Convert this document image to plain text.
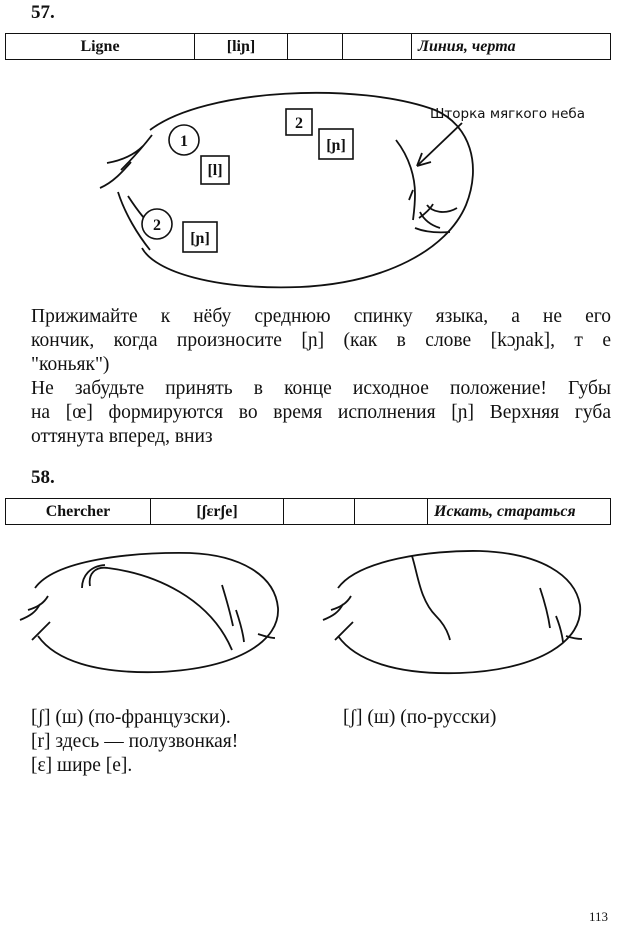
57.
Ligne	[liɲ]			Линия, черта
1
2
2
[l]
[ɲ]
[ɲ]
Шторка мягкого неба
Прижимайте к нёбу среднюю спинку языка, а не его
кончик, когда произносите [ɲ] (как в слове [kɔɲak], т е
"коньяк")
Не забудьте принять в конце исходное положение! Губы
на [œ] формируются во время исполнения [ɲ] Верхняя губа
оттянута вперед, вниз
58.
Chercher	[ʃɛrʃe]			Искать, стараться
[ʃ] (ш) (по-французски).	[ʃ] (ш) (по-русски)
[r] здесь — полузвонкая!
[ɛ] шире [e].
113
